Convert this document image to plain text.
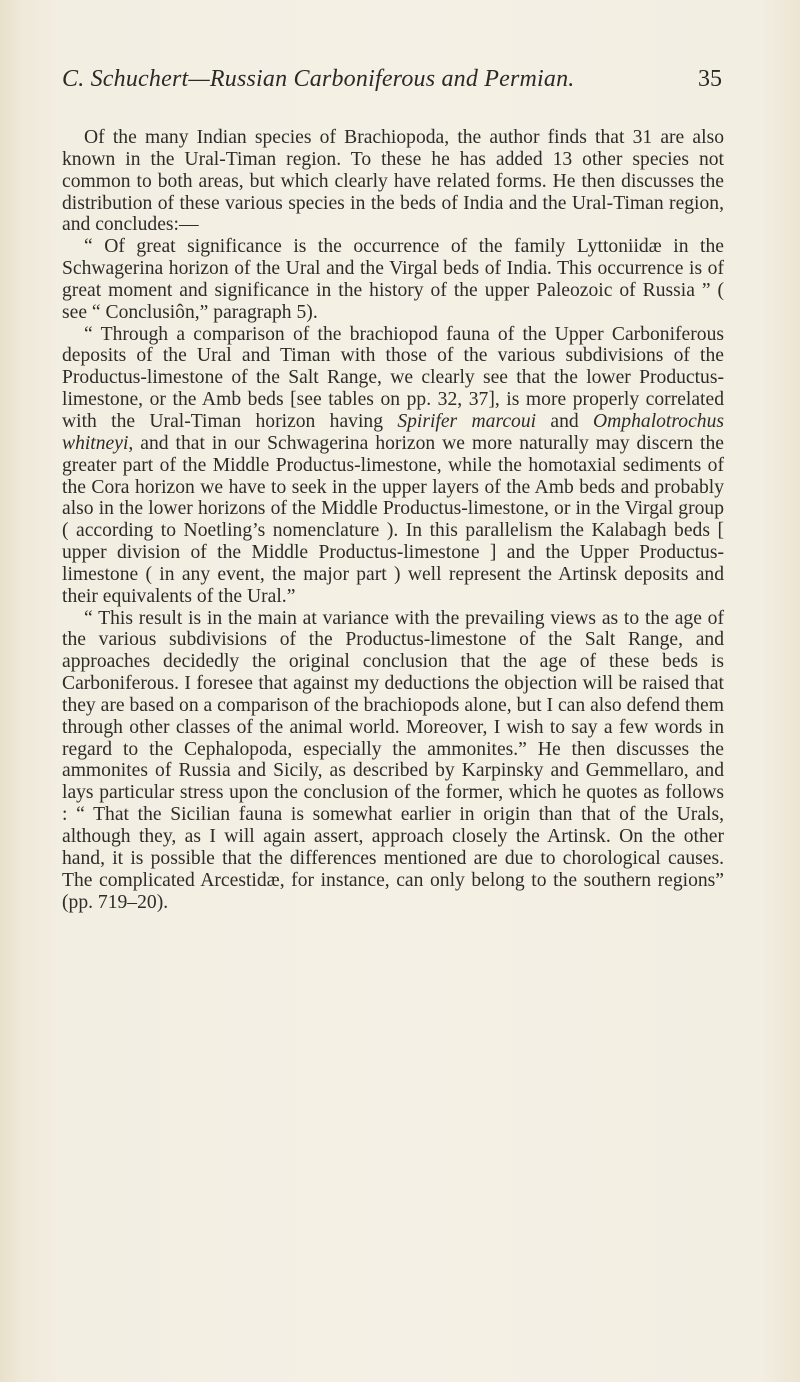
C. Schuchert—Russian Carboniferous and Permian.	35

Of the many Indian species of Brachiopoda, the author finds that 31 are also known in the Ural-Timan region. To these he has added 13 other species not common to both areas, but which clearly have related forms. He then discusses the distribution of these various species in the beds of India and the Ural-Timan region, and concludes:—

“ Of great significance is the occurrence of the family Lyttoniidæ in the Schwagerina horizon of the Ural and the Virgal beds of India. This occurrence is of great moment and significance in the history of the upper Paleozoic of Russia ” ( see “ Conclusiôn,” paragraph 5).

“ Through a comparison of the brachiopod fauna of the Upper Carboniferous deposits of the Ural and Timan with those of the various subdivisions of the Productus-limestone of the Salt Range, we clearly see that the lower Productus-limestone, or the Amb beds [see tables on pp. 32, 37], is more properly correlated with the Ural-Timan horizon having Spirifer marcoui and Omphalotrochus whitneyi, and that in our Schwagerina horizon we more naturally may discern the greater part of the Middle Productus-limestone, while the homotaxial sediments of the Cora horizon we have to seek in the upper layers of the Amb beds and probably also in the lower horizons of the Middle Productus-limestone, or in the Virgal group ( according to Noetling’s nomenclature ). In this parallelism the Kalabagh beds [ upper division of the Middle Productus-limestone ] and the Upper Productus-limestone ( in any event, the major part ) well represent the Artinsk deposits and their equivalents of the Ural.”

“ This result is in the main at variance with the prevailing views as to the age of the various subdivisions of the Productus-limestone of the Salt Range, and approaches decidedly the original conclusion that the age of these beds is Carboniferous. I foresee that against my deductions the objection will be raised that they are based on a comparison of the brachiopods alone, but I can also defend them through other classes of the animal world. Moreover, I wish to say a few words in regard to the Cephalopoda, especially the ammonites.” He then discusses the ammonites of Russia and Sicily, as described by Karpinsky and Gemmellaro, and lays particular stress upon the conclusion of the former, which he quotes as follows : “ That the Sicilian fauna is somewhat earlier in origin than that of the Urals, although they, as I will again assert, approach closely the Artinsk. On the other hand, it is possible that the differences mentioned are due to chorological causes. The complicated Arcestidæ, for instance, can only belong to the southern regions” (pp. 719–20).
